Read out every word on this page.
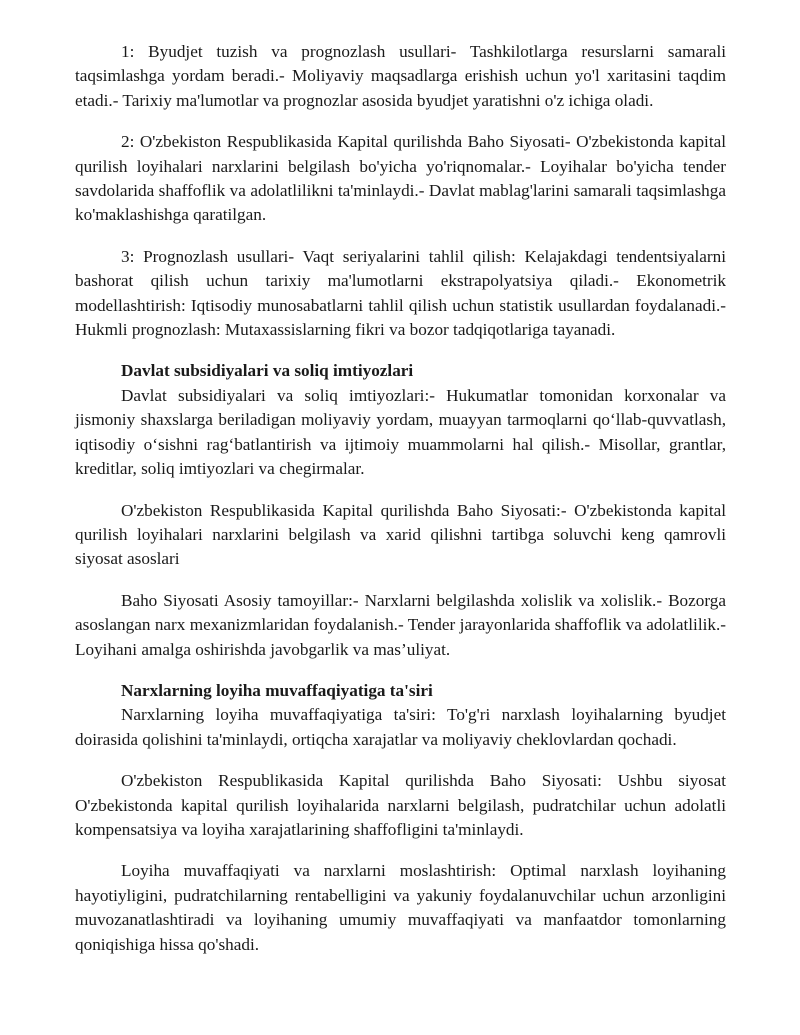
1: Byudjet tuzish va prognozlash usullari- Tashkilotlarga resurslarni samarali taqsimlashga yordam beradi.- Moliyaviy maqsadlarga erishish uchun yo'l xaritasini taqdim etadi.- Tarixiy ma'lumotlar va prognozlar asosida byudjet yaratishni o'z ichiga oladi.

2: O'zbekiston Respublikasida Kapital qurilishda Baho Siyosati- O'zbekistonda kapital qurilish loyihalari narxlarini belgilash bo'yicha yo'riqnomalar.- Loyihalar bo'yicha tender savdolarida shaffoflik va adolatlilikni ta'minlaydi.- Davlat mablag'larini samarali taqsimlashga ko'maklashishga qaratilgan.

3: Prognozlash usullari- Vaqt seriyalarini tahlil qilish: Kelajakdagi tendentsiyalarni bashorat qilish uchun tarixiy ma'lumotlarni ekstrapolyatsiya qiladi.- Ekonometrik modellashtirish: Iqtisodiy munosabatlarni tahlil qilish uchun statistik usullardan foydalanadi.- Hukmli prognozlash: Mutaxassislarning fikri va bozor tadqiqotlariga tayanadi.

Davlat subsidiyalari va soliq imtiyozlari

Davlat subsidiyalari va soliq imtiyozlari:- Hukumatlar tomonidan korxonalar va jismoniy shaxslarga beriladigan moliyaviy yordam, muayyan tarmoqlarni qo‘llab-quvvatlash, iqtisodiy o‘sishni rag‘batlantirish va ijtimoiy muammolarni hal qilish.- Misollar, grantlar, kreditlar, soliq imtiyozlari va chegirmalar.

O'zbekiston Respublikasida Kapital qurilishda Baho Siyosati:- O'zbekistonda kapital qurilish loyihalari narxlarini belgilash va xarid qilishni tartibga soluvchi keng qamrovli siyosat asoslari

Baho Siyosati Asosiy tamoyillar:- Narxlarni belgilashda xolislik va xolislik.- Bozorga asoslangan narx mexanizmlaridan foydalanish.- Tender jarayonlarida shaffoflik va adolatlilik.- Loyihani amalga oshirishda javobgarlik va mas’uliyat.

Narxlarning loyiha muvaffaqiyatiga ta'siri

Narxlarning loyiha muvaffaqiyatiga ta'siri: To'g'ri narxlash loyihalarning byudjet doirasida qolishini ta'minlaydi, ortiqcha xarajatlar va moliyaviy cheklovlardan qochadi.

O'zbekiston Respublikasida Kapital qurilishda Baho Siyosati: Ushbu siyosat O'zbekistonda kapital qurilish loyihalarida narxlarni belgilash, pudratchilar uchun adolatli kompensatsiya va loyiha xarajatlarining shaffofligini ta'minlaydi.

Loyiha muvaffaqiyati va narxlarni moslashtirish: Optimal narxlash loyihaning hayotiyligini, pudratchilarning rentabelligini va yakuniy foydalanuvchilar uchun arzonligini muvozanatlashtiradi va loyihaning umumiy muvaffaqiyati va manfaatdor tomonlarning qoniqishiga hissa qo'shadi.
